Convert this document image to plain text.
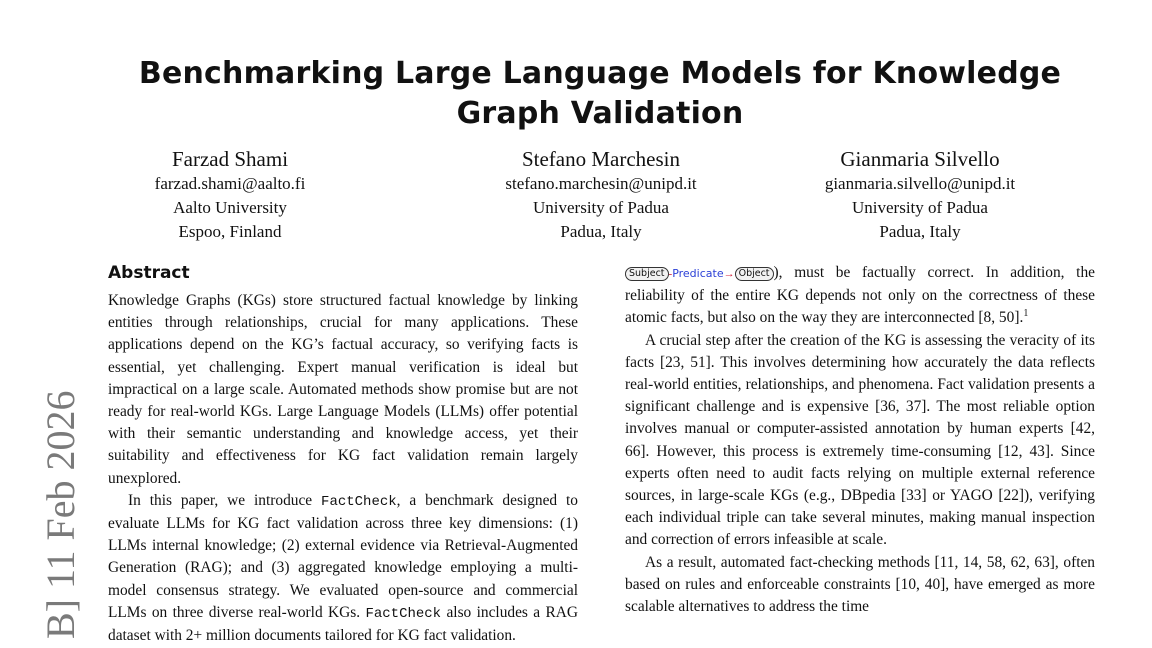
Benchmarking Large Language Models for Knowledge Graph Validation
Farzad Shami
farzad.shami@aalto.fi
Aalto University
Espoo, Finland
Stefano Marchesin
stefano.marchesin@unipd.it
University of Padua
Padua, Italy
Gianmaria Silvello
gianmaria.silvello@unipd.it
University of Padua
Padua, Italy
B] 11 Feb 2026
Abstract

Knowledge Graphs (KGs) store structured factual knowledge by linking entities through relationships, crucial for many applications. These applications depend on the KG’s factual accuracy, so verifying facts is essential, yet challenging. Expert manual verification is ideal but impractical on a large scale. Automated methods show promise but are not ready for real-world KGs. Large Language Models (LLMs) offer potential with their semantic understanding and knowledge access, yet their suitability and effectiveness for KG fact validation remain largely unexplored.

In this paper, we introduce FactCheck, a benchmark designed to evaluate LLMs for KG fact validation across three key dimensions: (1) LLMs internal knowledge; (2) external evidence via Retrieval-Augmented Generation (RAG); and (3) aggregated knowledge employing a multi-model consensus strategy. We evaluated open-source and commercial LLMs on three diverse real-world KGs. FactCheck also includes a RAG dataset with 2+ million documents tailored for KG fact validation.

Subject -Predicate→ Object ), must be factually correct. In addition, the reliability of the entire KG depends not only on the correctness of these atomic facts, but also on the way they are interconnected [8, 50].$^1$

A crucial step after the creation of the KG is assessing the veracity of its facts [23, 51]. This involves determining how accurately the data reflects real-world entities, relationships, and phenomena. Fact validation presents a significant challenge and is expensive [36, 37]. The most reliable option involves manual or computer-assisted annotation by human experts [42, 66]. However, this process is extremely time-consuming [12, 43]. Since experts often need to audit facts relying on multiple external reference sources, in large-scale KGs (e.g., DBpedia [33] or YAGO [22]), verifying each individual triple can take several minutes, making manual inspection and correction of errors infeasible at scale.

As a result, automated fact-checking methods [11, 14, 58, 62, 63], often based on rules and enforceable constraints [10, 40], have emerged as more scalable alternatives to address the time
